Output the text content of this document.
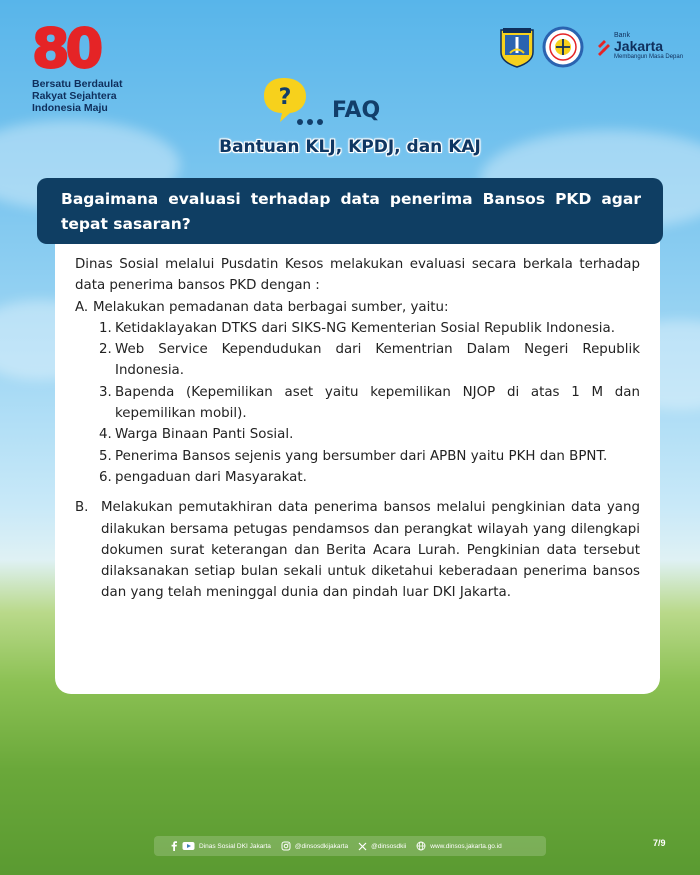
80
Bersatu Berdaulat
Rakyat Sejahtera
Indonesia Maju
Bank
Jakarta
Membangun Masa Depan
?
FAQ
Bantuan KLJ, KPDJ, dan KAJ
Bagaimana evaluasi terhadap data penerima Bansos PKD agar tepat sasaran?
Dinas Sosial melalui Pusdatin Kesos melakukan evaluasi secara berkala terhadap data penerima bansos PKD dengan :
A. Melakukan pemadanan data berbagai sumber, yaitu:
1. Ketidaklayakan DTKS dari SIKS-NG Kementerian Sosial Republik Indonesia.
2. Web Service Kependudukan dari Kementrian Dalam Negeri Republik Indonesia.
3. Bapenda (Kepemilikan aset yaitu kepemilikan NJOP di atas 1 M dan kepemilikan mobil).
4. Warga Binaan Panti Sosial.
5. Penerima Bansos sejenis yang bersumber dari APBN yaitu PKH dan BPNT.
6. pengaduan dari Masyarakat.
B. Melakukan pemutakhiran data penerima bansos melalui pengkinian data yang dilakukan bersama petugas pendamsos dan perangkat wilayah yang dilengkapi dokumen surat keterangan dan Berita Acara Lurah. Pengkinian data tersebut dilaksanakan setiap bulan sekali untuk diketahui keberadaan penerima bansos dan yang telah meninggal dunia dan pindah luar DKI Jakarta.
Dinas Sosial DKI Jakarta	@dinsosdkijakarta	@dinsosdkii	www.dinsos.jakarta.go.id	7/9
